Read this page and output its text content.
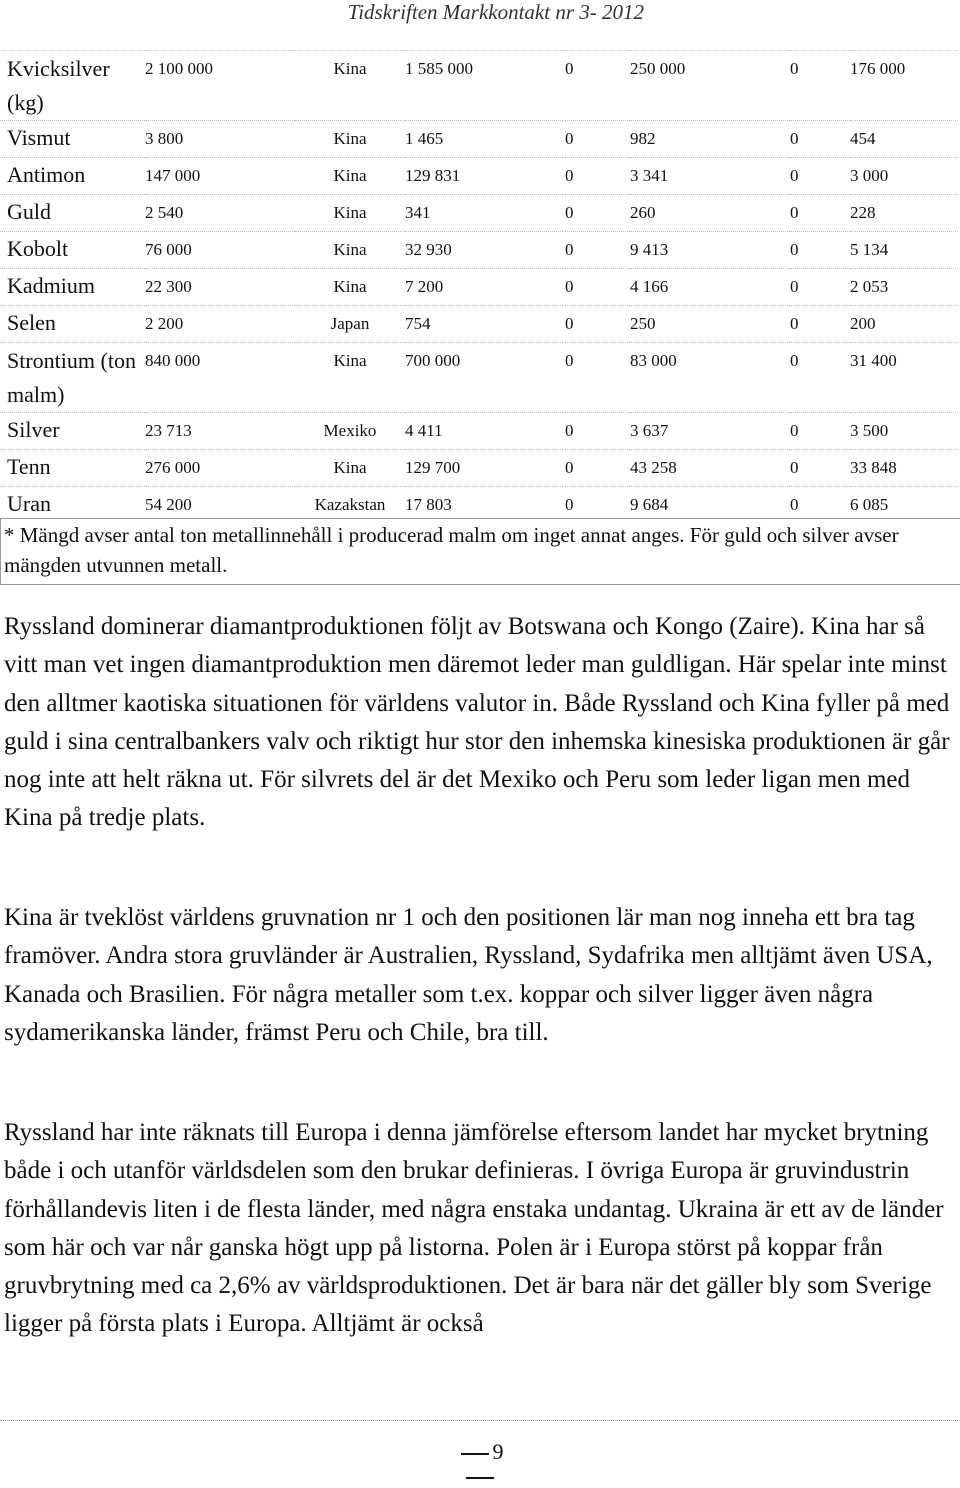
Tidskriften Markkontakt nr 3- 2012
Kvicksilver (kg)	2 100 000	Kina	1 585 000	0	250 000	0	176 000
Vismut	3 800	Kina	1 465	0	982	0	454
Antimon	147 000	Kina	129 831	0	3 341	0	3 000
Guld	2 540	Kina	341	0	260	0	228
Kobolt	76 000	Kina	32 930	0	9 413	0	5 134
Kadmium	22 300	Kina	7 200	0	4 166	0	2 053
Selen	2 200	Japan	754	0	250	0	200
Strontium (ton malm)	840 000	Kina	700 000	0	83 000	0	31 400
Silver	23 713	Mexiko	4 411	0	3 637	0	3 500
Tenn	276 000	Kina	129 700	0	43 258	0	33 848
Uran	54 200	Kazakstan	17 803	0	9 684	0	6 085
* Mängd avser antal ton metallinnehåll i producerad malm om inget annat anges. För guld och silver avser mängden utvunnen metall.

Ryssland dominerar diamantproduktionen följt av Botswana och Kongo (Zaire). Kina har så vitt man vet ingen diamantproduktion men däremot leder man guldligan. Här spelar inte minst den alltmer kaotiska situationen för världens valutor in. Både Ryssland och Kina fyller på med guld i sina centralbankers valv och riktigt hur stor den inhemska kinesiska produktionen är går nog inte att helt räkna ut. För silvrets del är det Mexiko och Peru som leder ligan men med Kina på tredje plats.

Kina är tveklöst världens gruvnation nr 1 och den positionen lär man nog inneha ett bra tag framöver. Andra stora gruvländer är Australien, Ryssland, Sydafrika men alltjämt även USA, Kanada och Brasilien. För några metaller som t.ex. koppar och silver ligger även några sydamerikanska länder, främst Peru och Chile, bra till.

Ryssland har inte räknats till Europa i denna jämförelse eftersom landet har mycket brytning både i och utanför världsdelen som den brukar definieras. I övriga Europa är gruvindustrin förhållandevis liten i de flesta länder, med några enstaka undantag. Ukraina är ett av de länder som här och var når ganska högt upp på listorna. Polen är i Europa störst på koppar från gruvbrytning med ca 2,6% av världsproduktionen. Det är bara när det gäller bly som Sverige ligger på första plats i Europa. Alltjämt är också

9
